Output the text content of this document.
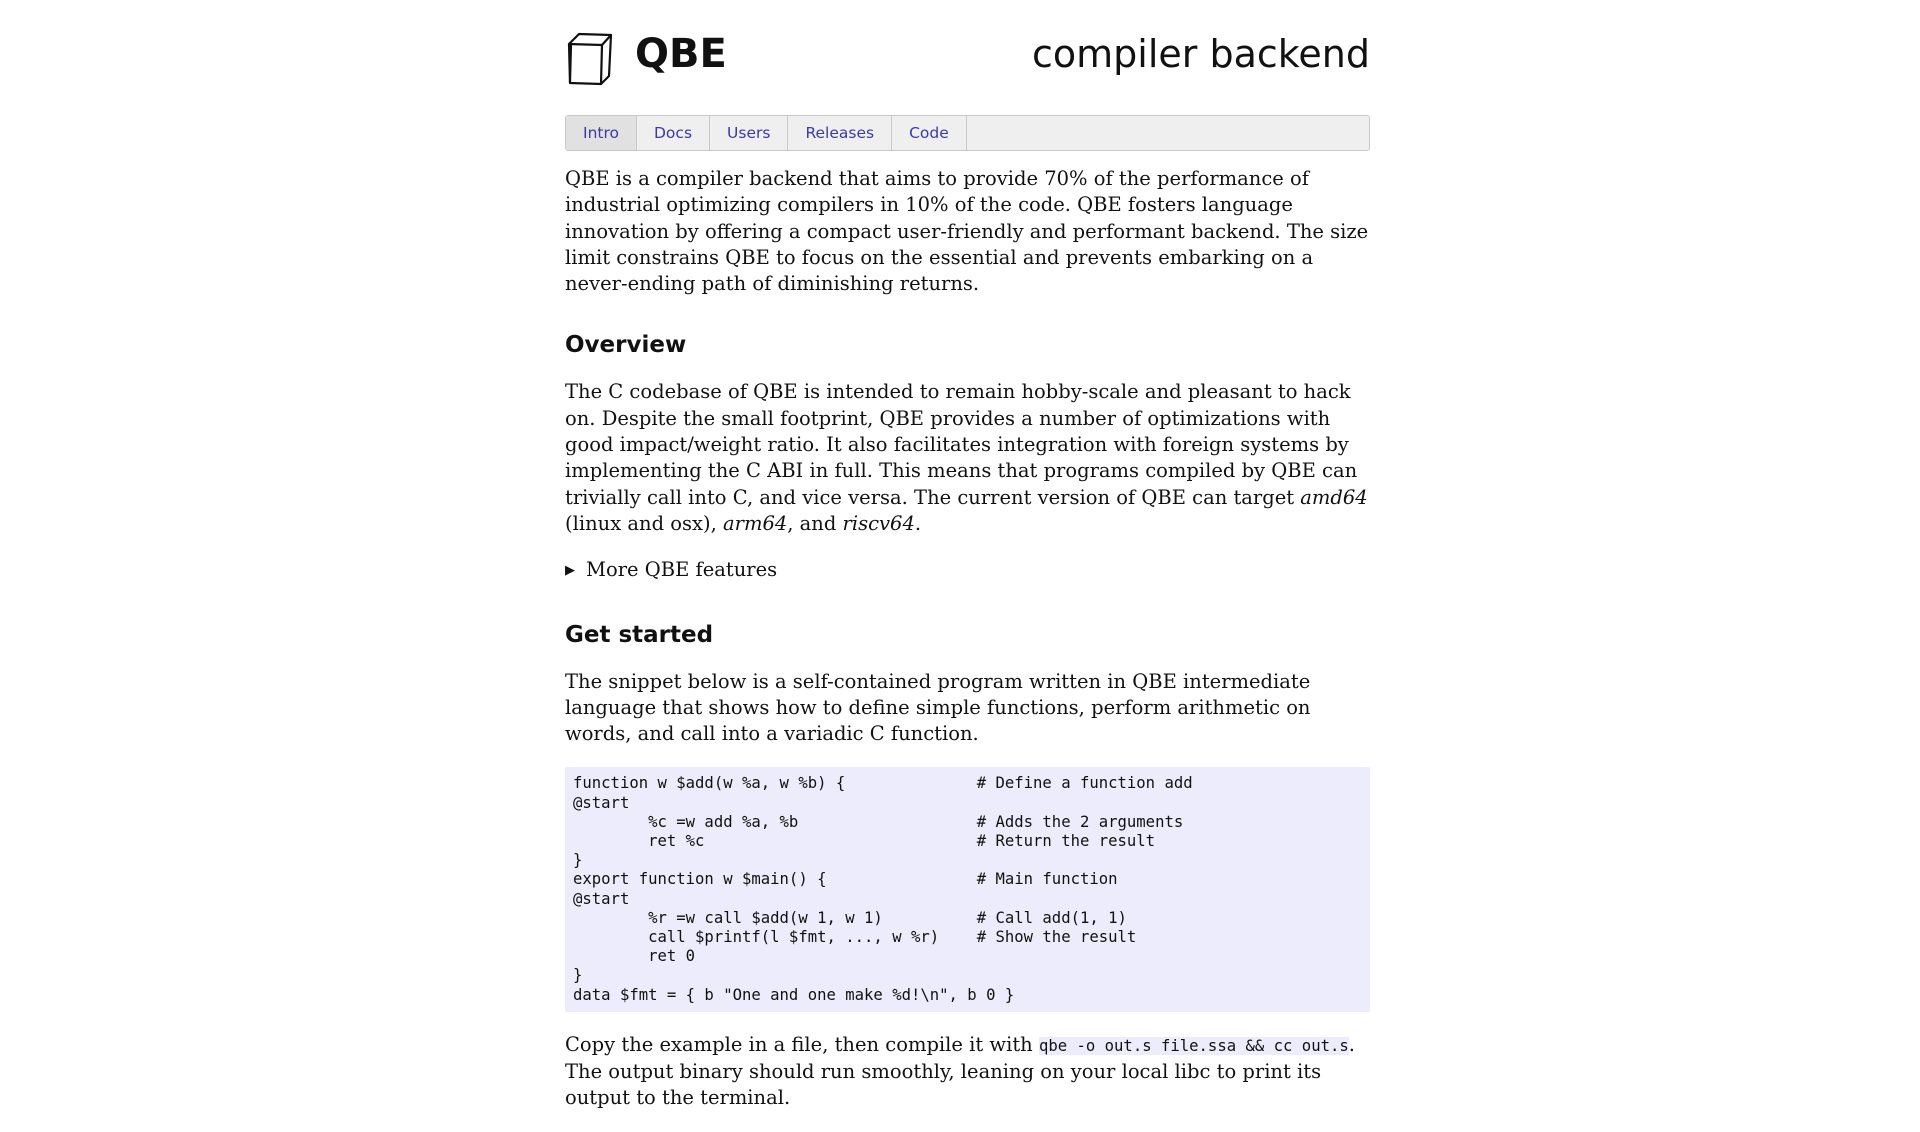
QBE	compiler backend
Intro	Docs	Users	Releases	Code

QBE is a compiler backend that aims to provide 70% of the performance of industrial optimizing compilers in 10% of the code. QBE fosters language innovation by offering a compact user-friendly and performant backend. The size limit constrains QBE to focus on the essential and prevents embarking on a never-ending path of diminishing returns.

Overview

The C codebase of QBE is intended to remain hobby-scale and pleasant to hack on. Despite the small footprint, QBE provides a number of optimizations with good impact/weight ratio. It also facilitates integration with foreign systems by implementing the C ABI in full. This means that programs compiled by QBE can trivially call into C, and vice versa. The current version of QBE can target amd64 (linux and osx), arm64, and riscv64.

▶ More QBE features
Get started

The snippet below is a self-contained program written in QBE intermediate language that shows how to define simple functions, perform arithmetic on words, and call into a variadic C function.

function w $add(w %a, w %b) {              # Define a function add
@start
%c =w add %a, %b                   # Adds the 2 arguments
ret %c                             # Return the result
}
export function w $main() {                # Main function
@start
%r =w call $add(w 1, w 1)          # Call add(1, 1)
call $printf(l $fmt, ..., w %r)    # Show the result
ret 0
}
data $fmt = { b "One and one make %d!\n", b 0 }

Copy the example in a file, then compile it with qbe -o out.s file.ssa && cc out.s. The output binary should run smoothly, leaning on your local libc to print its output to the terminal.
